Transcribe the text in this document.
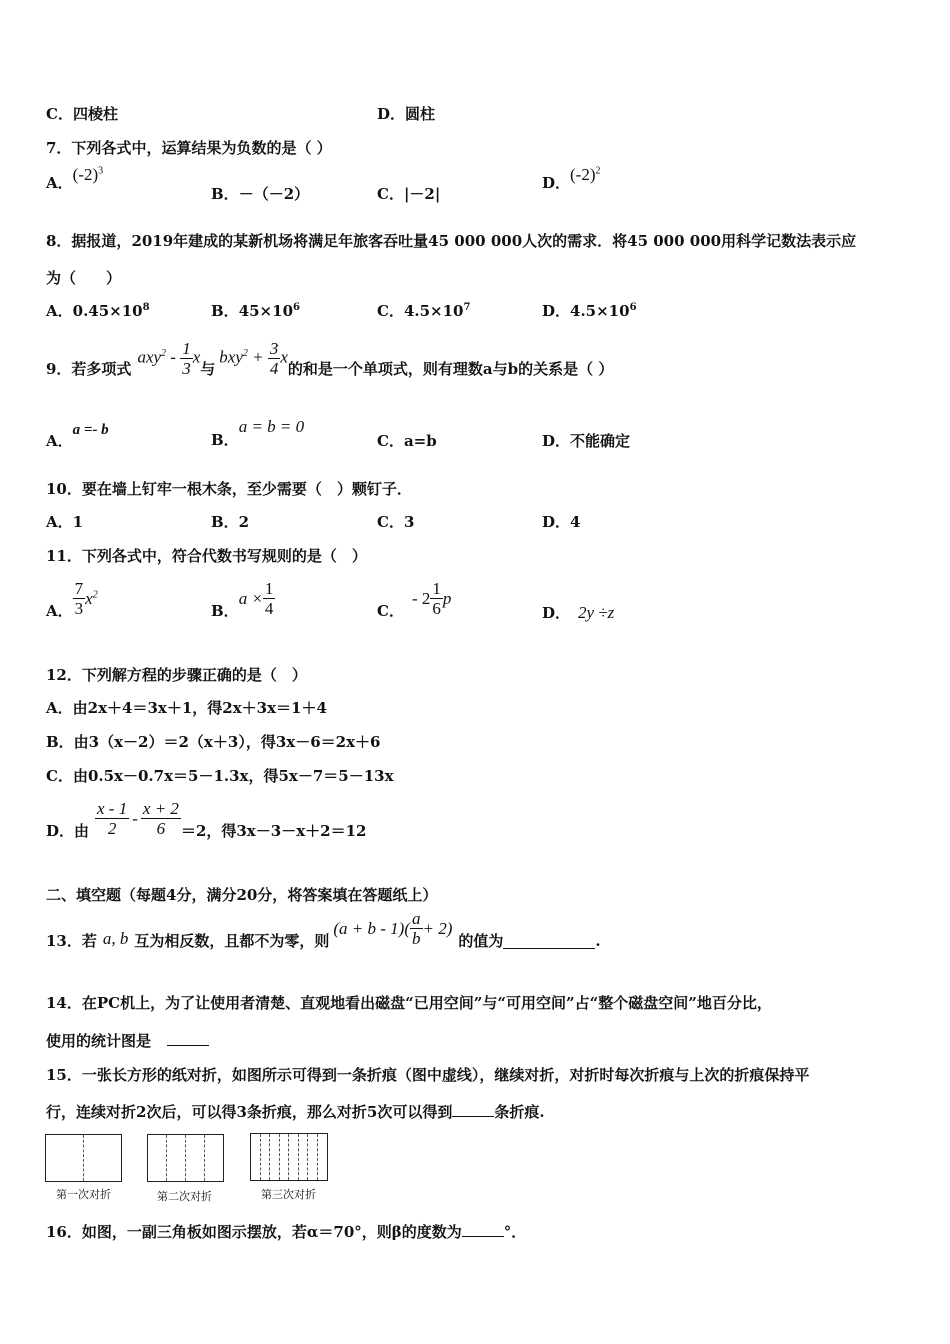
C．四棱柱	D．圆柱
7．下列各式中，运算结果为负数的是（ ）
A．$(-2)^3$
B．－（－2）	C．|－2|
D．$(-2)^2$
8．据报道，2019年建成的某新机场将满足年旅客吞吐量45 000 000人次的需求．将45 000 000用科学记数法表示应
为（　　）
A．$0.45\times 10^8$	B．$45\times 10^6$	C．$4.5\times 10^7$	D．$4.5\times 10^6$
9．若多项式
$axy^2 - \frac{1}{3}$ x
与
$bxy^2 + \frac{3}{4}$ x
的和是一个单项式，则有理数a与b的关系是（ ）
A．a =- b
B．a = b = 0
C．a=b	D．不能确定
10．要在墙上钉牢一根木条，至少需要（　）颗钉子．
A．1	B．2	C．3	D．4
11．下列各式中，符合代数书写规则的是（　）
A． $\frac{7}{3} x^2$
B．
$a \times \frac{1}{4}$	C．
- $2 \frac{1}{6}$ p
D． 2y ÷z
12．下列解方程的步骤正确的是（　）
A．由2x＋4＝3x＋1，得2x＋3x＝1＋4
B．由3（x－2）＝2（x＋3），得3x－6＝2x＋6
C．由0.5x－0.7x＝5－1.3x，得5x－7＝5－13x
D．由 $\frac{x - 1}{2} - \frac{x + 2}{6} =2$，得3x－3－x＋2＝12
二、填空题（每题4分，满分20分，将答案填在答题纸上）
13．若 a, b 互为相反数，且都不为零，则
$(a + b - 1)( \frac{a}{b} + 2)$
的值为	.
14．在PC机上，为了让使用者清楚、直观地看出磁盘“已用空间”与“可用空间”占“整个磁盘空间”地百分比，
使用的统计图是
15．一张长方形的纸对折，如图所示可得到一条折痕（图中虚线），继续对折，对折时每次折痕与上次的折痕保持平
行，连续对折2次后，可以得3条折痕，那么对折5次可以得到	条折痕.
第一次对折	第二次对折	第三次对折
16．如图，一副三角板如图示摆放，若α＝70°，则β的度数为	°．
